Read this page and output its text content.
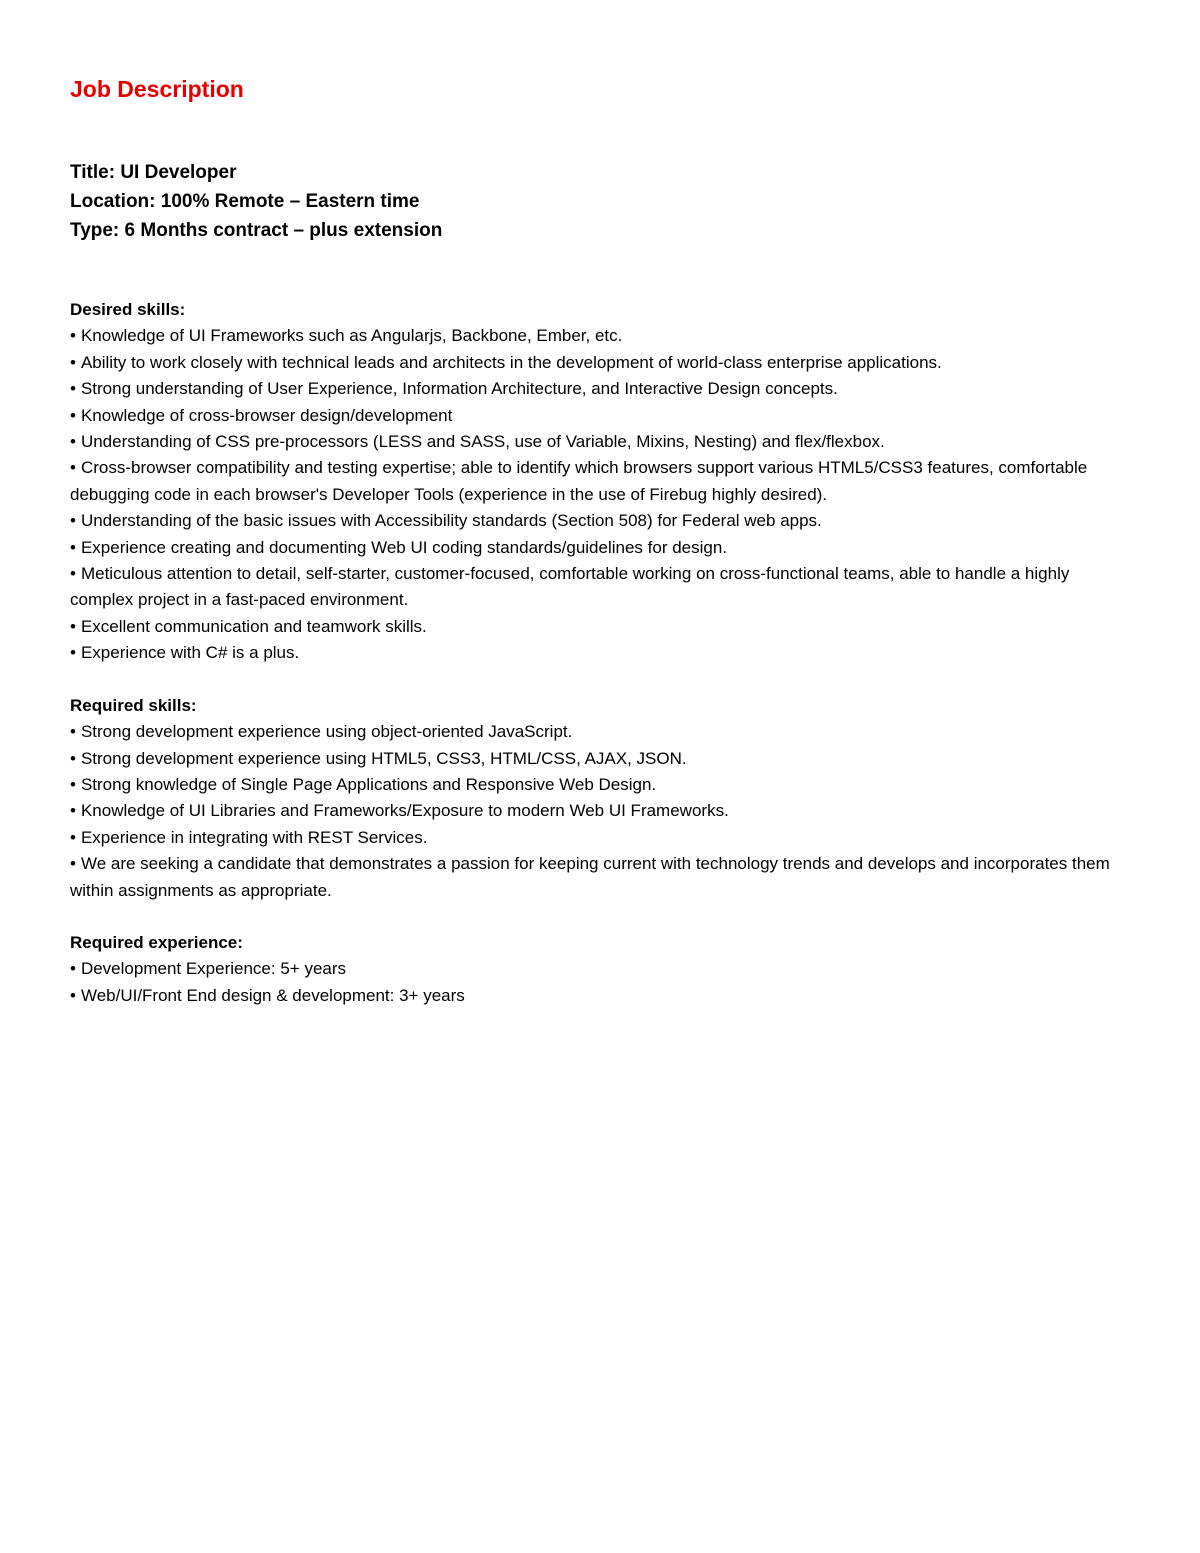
Job Description

Title: UI Developer

Location: 100% Remote – Eastern time

Type: 6 Months contract – plus extension

Desired skills:

• Knowledge of UI Frameworks such as Angularjs, Backbone, Ember, etc.

• Ability to work closely with technical leads and architects in the development of world-class enterprise applications.

• Strong understanding of User Experience, Information Architecture, and Interactive Design concepts.

• Knowledge of cross-browser design/development

• Understanding of CSS pre-processors (LESS and SASS, use of Variable, Mixins, Nesting) and flex/flexbox.

• Cross-browser compatibility and testing expertise; able to identify which browsers support various HTML5/CSS3 features, comfortable debugging code in each browser's Developer Tools (experience in the use of Firebug highly desired).

• Understanding of the basic issues with Accessibility standards (Section 508) for Federal web apps.

• Experience creating and documenting Web UI coding standards/guidelines for design.

• Meticulous attention to detail, self-starter, customer-focused, comfortable working on cross-functional teams, able to handle a highly complex project in a fast-paced environment.

• Excellent communication and teamwork skills.

• Experience with C# is a plus.

Required skills:

• Strong development experience using object-oriented JavaScript.

• Strong development experience using HTML5, CSS3, HTML/CSS, AJAX, JSON.

• Strong knowledge of Single Page Applications and Responsive Web Design.

• Knowledge of UI Libraries and Frameworks/Exposure to modern Web UI Frameworks.

• Experience in integrating with REST Services.

• We are seeking a candidate that demonstrates a passion for keeping current with technology trends and develops and incorporates them within assignments as appropriate.

Required experience:

• Development Experience: 5+ years

• Web/UI/Front End design & development: 3+ years
